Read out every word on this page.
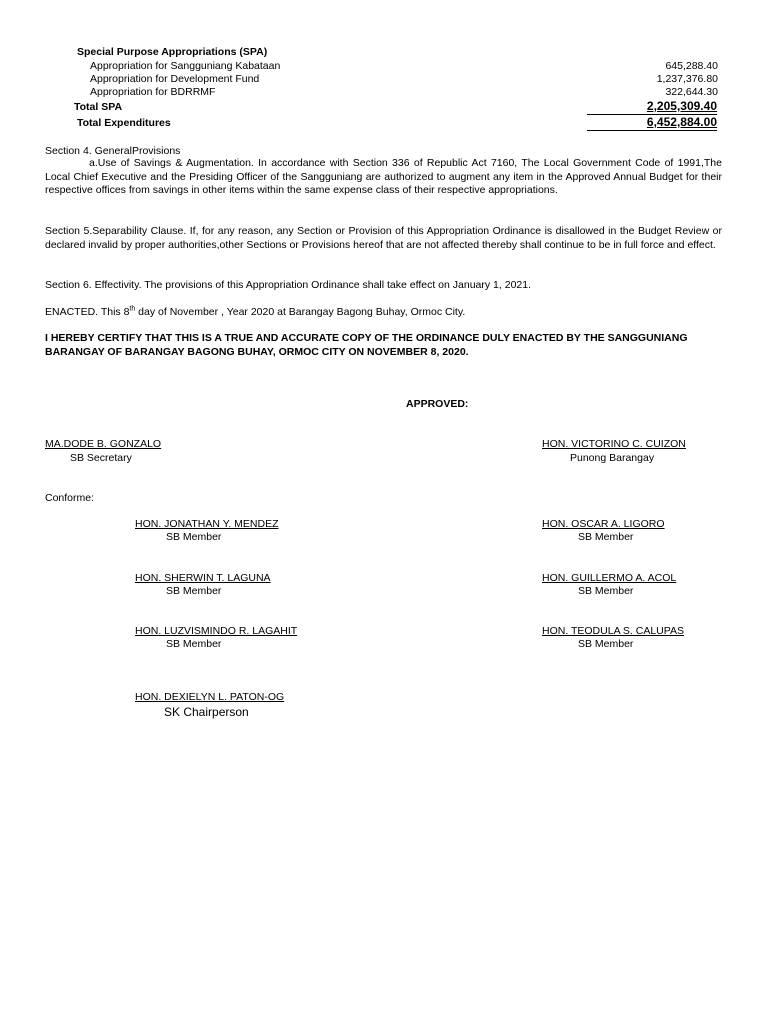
Special Purpose Appropriations (SPA)
Appropriation for Sangguniang Kabataan	645,288.40
Appropriation for Development Fund	1,237,376.80
Appropriation for BDRRMF	322,644.30
Total SPA	2,205,309.40
Total Expenditures	6,452,884.00
Section 4. GeneralProvisions
a.Use of Savings & Augmentation. In accordance with Section 336 of Republic Act 7160, The Local Government Code of 1991,The Local Chief Executive and the Presiding Officer of the Sangguniang are authorized to augment any item in the Approved Annual Budget for their respective offices from savings in other items within the same expense class of their respective appropriations.
Section 5.Separability Clause. If, for any reason, any Section or Provision of this Appropriation Ordinance is disallowed in the Budget Review or declared invalid by proper authorities,other Sections or Provisions hereof that are not affected thereby shall continue to be in full force and effect.
Section 6. Effectivity. The provisions of this Appropriation Ordinance shall take effect on January 1, 2021.
ENACTED. This 8th day of November , Year 2020 at Barangay Bagong Buhay, Ormoc City.
I HEREBY CERTIFY THAT THIS IS A TRUE AND ACCURATE COPY OF THE ORDINANCE DULY ENACTED BY THE SANGGUNIANG BARANGAY OF BARANGAY BAGONG BUHAY, ORMOC CITY ON NOVEMBER 8, 2020.
APPROVED:
MA.DODE B. GONZALO
SB Secretary
HON. VICTORINO C. CUIZON
Punong Barangay
Conforme:
HON. JONATHAN Y. MENDEZ
SB Member
HON. OSCAR A. LIGORO
SB Member
HON. SHERWIN T. LAGUNA
SB Member
HON. GUILLERMO A. ACOL
SB Member
HON. LUZVISMINDO R. LAGAHIT
SB Member
HON. TEODULA S. CALUPAS
SB Member
HON. DEXIELYN L. PATON-OG
SK Chairperson
